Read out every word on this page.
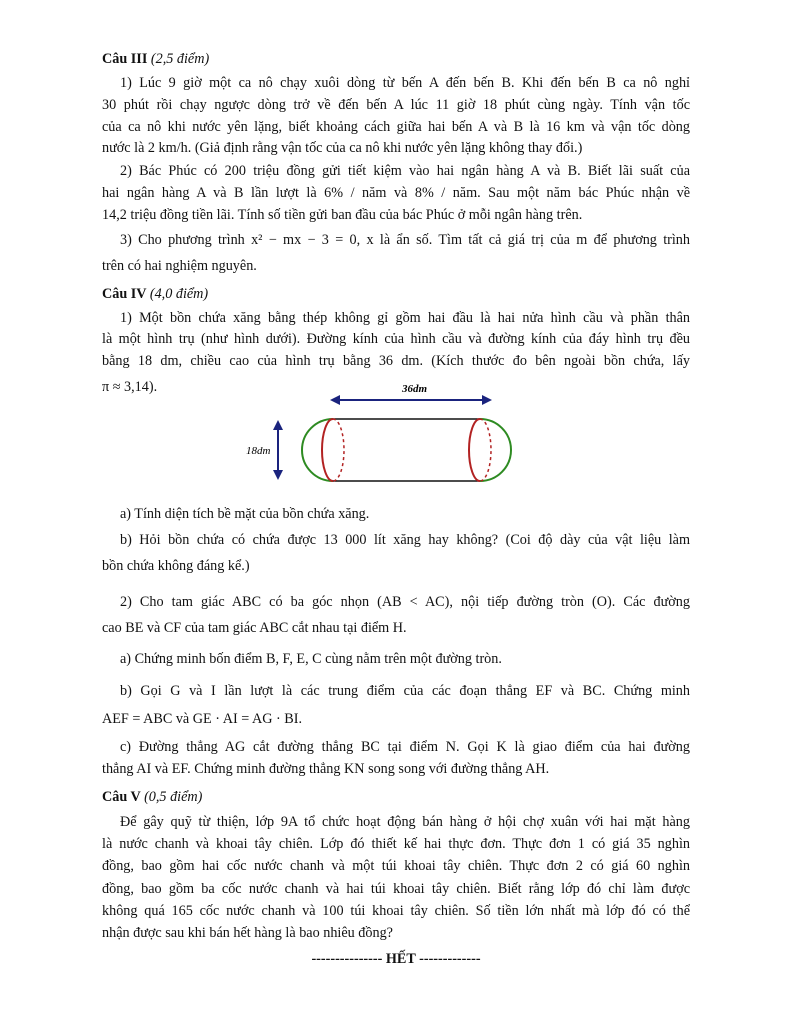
Câu III (2,5 điểm)
1) Lúc 9 giờ một ca nô chạy xuôi dòng từ bến A đến bến B. Khi đến bến B ca nô nghỉ
30 phút rồi chạy ngược dòng trở về đến bến A lúc 11 giờ 18 phút cùng ngày. Tính vận tốc
của ca nô khi nước yên lặng, biết khoảng cách giữa hai bến A và B là 16 km và vận tốc dòng
nước là 2 km/h. (Giả định rằng vận tốc của ca nô khi nước yên lặng không thay đổi.)
2) Bác Phúc có 200 triệu đồng gửi tiết kiệm vào hai ngân hàng A và B. Biết lãi suất của
hai ngân hàng A và B lần lượt là 6% / năm và 8% / năm. Sau một năm bác Phúc nhận về
14,2 triệu đồng tiền lãi. Tính số tiền gửi ban đầu của bác Phúc ở mỗi ngân hàng trên.
3) Cho phương trình x² − mx − 3 = 0, x là ẩn số. Tìm tất cả giá trị của m để phương trình
trên có hai nghiệm nguyên.
Câu IV (4,0 điểm)
1) Một bồn chứa xăng bằng thép không gỉ gồm hai đầu là hai nửa hình cầu và phần thân
là một hình trụ (như hình dưới). Đường kính của hình cầu và đường kính của đáy hình trụ đều
bằng 18 dm, chiều cao của hình trụ bằng 36 dm. (Kích thước đo bên ngoài bồn chứa, lấy
π ≈ 3,14).	36dm
18dm
a) Tính diện tích bề mặt của bồn chứa xăng.
b) Hỏi bồn chứa có chứa được 13 000 lít xăng hay không? (Coi độ dày của vật liệu làm
bồn chứa không đáng kể.)
2) Cho tam giác ABC có ba góc nhọn (AB < AC), nội tiếp đường tròn (O). Các đường
cao BE và CF của tam giác ABC cắt nhau tại điểm H.
a) Chứng minh bốn điểm B, F, E, C cùng nằm trên một đường tròn.
b) Gọi G và I lần lượt là các trung điểm của các đoạn thẳng EF và BC. Chứng minh
AEF = ABC và GE · AI = AG · BI.
c) Đường thẳng AG cắt đường thẳng BC tại điểm N. Gọi K là giao điểm của hai đường
thẳng AI và EF. Chứng minh đường thẳng KN song song với đường thẳng AH.
Câu V (0,5 điểm)
Để gây quỹ từ thiện, lớp 9A tổ chức hoạt động bán hàng ở hội chợ xuân với hai mặt hàng
là nước chanh và khoai tây chiên. Lớp đó thiết kế hai thực đơn. Thực đơn 1 có giá 35 nghìn
đồng, bao gồm hai cốc nước chanh và một túi khoai tây chiên. Thực đơn 2 có giá 60 nghìn
đồng, bao gồm ba cốc nước chanh và hai túi khoai tây chiên. Biết rằng lớp đó chỉ làm được
không quá 165 cốc nước chanh và 100 túi khoai tây chiên. Số tiền lớn nhất mà lớp đó có thể
nhận được sau khi bán hết hàng là bao nhiêu đồng?
--------------- HẾT -------------
